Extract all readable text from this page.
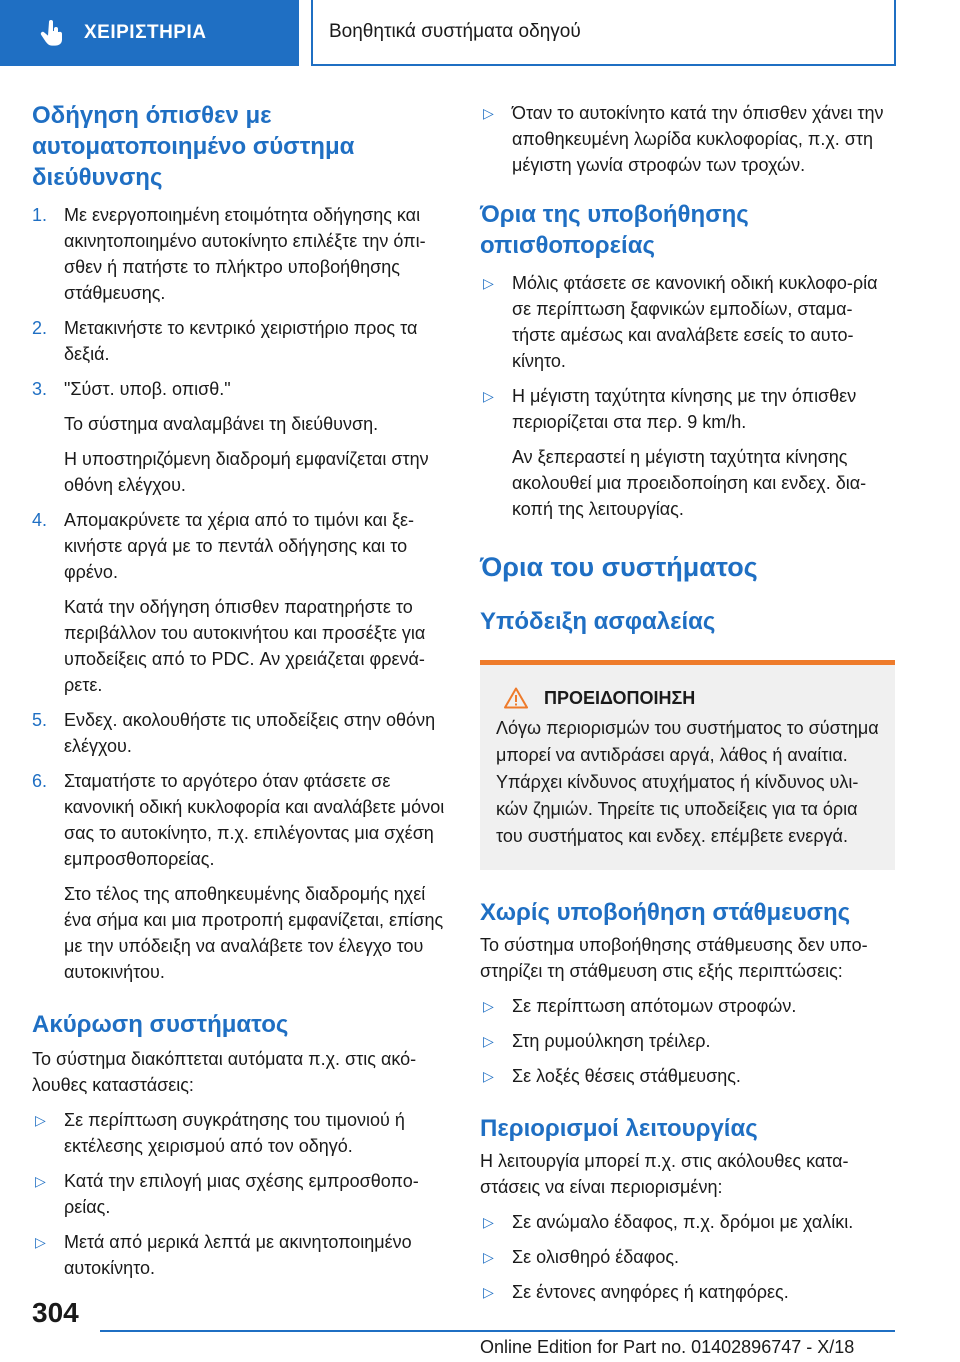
ΧΕΙΡΙΣΤΗΡΙΑ	Βοηθητικά συστήματα οδηγού
Οδήγηση όπισθεν με αυτοματοποιημένο σύστημα διεύθυνσης
1. Με ενεργοποιημένη ετοιμότητα οδήγησης και ακινητοποιημένο αυτοκίνητο επιλέξτε την όπι-σθεν ή πατήστε το πλήκτρο υποβοήθησης στάθμευσης.
2. Μετακινήστε το κεντρικό χειριστήριο προς τα δεξιά.
3. "Σύστ. υποβ. οπισθ."
Το σύστημα αναλαμβάνει τη διεύθυνση.
Η υποστηριζόμενη διαδρομή εμφανίζεται στην οθόνη ελέγχου.
4. Απομακρύνετε τα χέρια από το τιμόνι και ξε-κινήστε αργά με το πεντάλ οδήγησης και το φρένο.
Κατά την οδήγηση όπισθεν παρατηρήστε το περιβάλλον του αυτοκινήτου και προσέξτε για υποδείξεις από το PDC. Αν χρειάζεται φρενά-ρετε.
5. Ενδεχ. ακολουθήστε τις υποδείξεις στην οθόνη ελέγχου.
6. Σταματήστε το αργότερο όταν φτάσετε σε κανονική οδική κυκλοφορία και αναλάβετε μόνοι σας το αυτοκίνητο, π.χ. επιλέγοντας μια σχέση εμπροσθοπορείας.
Στο τέλος της αποθηκευμένης διαδρομής ηχεί ένα σήμα και μια προτροπή εμφανίζεται, επίσης με την υπόδειξη να αναλάβετε τον έλεγχο του αυτοκινήτου.
Ακύρωση συστήματος

Το σύστημα διακόπτεται αυτόματα π.χ. στις ακό-λουθες καταστάσεις:

▷	Σε περίπτωση συγκράτησης του τιμονιού ή εκτέλεσης χειρισμού από τον οδηγό.
▷	Κατά την επιλογή μιας σχέσης εμπροσθοπο-ρείας.
▷	Μετά από μερικά λεπτά με ακινητοποιημένο αυτοκίνητο.
▷	Όταν το αυτοκίνητο κατά την όπισθεν χάνει την αποθηκευμένη λωρίδα κυκλοφορίας, π.χ. στη μέγιστη γωνία στροφών των τροχών.
Όρια της υποβοήθησης οπισθοπορείας
▷	Μόλις φτάσετε σε κανονική οδική κυκλοφο-ρία σε περίπτωση ξαφνικών εμποδίων, σταμα-τήστε αμέσως και αναλάβετε εσείς το αυτο-κίνητο.
▷	Η μέγιστη ταχύτητα κίνησης με την όπισθεν περιορίζεται στα περ. 9 km/h.
Αν ξεπεραστεί η μέγιστη ταχύτητα κίνησης ακολουθεί μια προειδοποίηση και ενδεχ. δια-κοπή της λειτουργίας.
Όρια του συστήματος
Υπόδειξη ασφαλείας
ΠΡΟΕΙΔΟΠΟΙΗΣΗ

Λόγω περιορισμών του συστήματος το σύστημα μπορεί να αντιδράσει αργά, λάθος ή αναίτια. Υπάρχει κίνδυνος ατυχήματος ή κίνδυνος υλι-κών ζημιών. Τηρείτε τις υποδείξεις για τα όρια του συστήματος και ενδεχ. επέμβετε ενεργά.

Χωρίς υποβοήθηση στάθμευσης

Το σύστημα υποβοήθησης στάθμευσης δεν υπο-στηρίζει τη στάθμευση στις εξής περιπτώσεις:

▷	Σε περίπτωση απότομων στροφών.
▷	Στη ρυμούλκηση τρέιλερ.
▷	Σε λοξές θέσεις στάθμευσης.
Περιορισμοί λειτουργίας

Η λειτουργία μπορεί π.χ. στις ακόλουθες κατα-στάσεις να είναι περιορισμένη:

▷	Σε ανώμαλο έδαφος, π.χ. δρόμοι με χαλίκι.
▷	Σε ολισθηρό έδαφος.
▷	Σε έντονες ανηφόρες ή κατηφόρες.
304
Online Edition for Part no. 01402896747 - X/18
